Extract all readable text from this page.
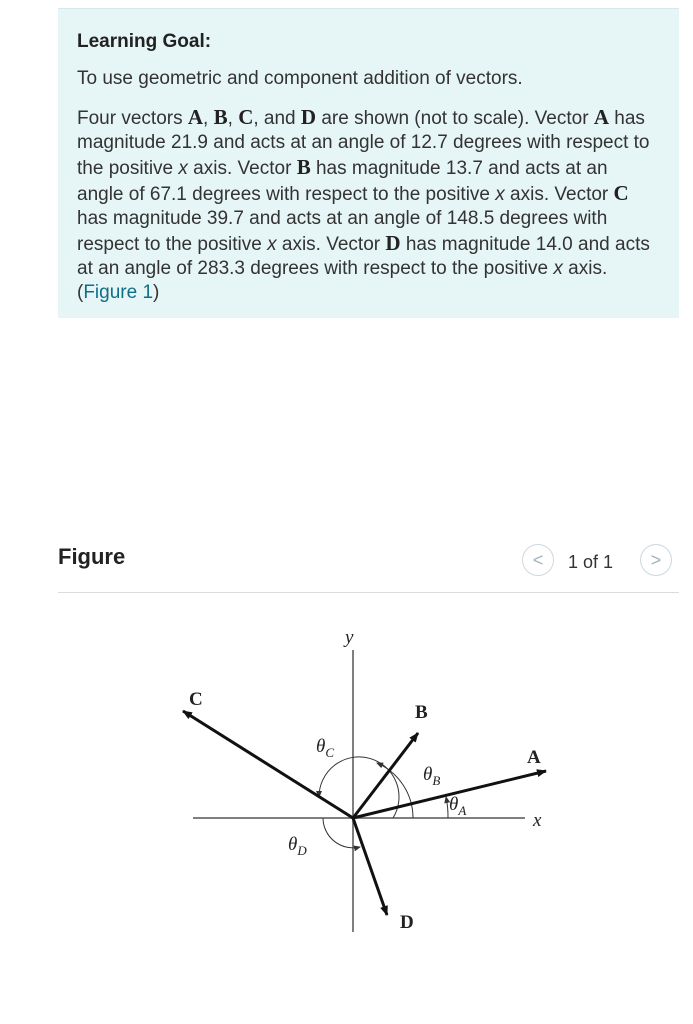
Learning Goal:
To use geometric and component addition of vectors.
Four vectors A, B, C, and D are shown (not to scale). Vector A has magnitude 21.9 and acts at an angle of 12.7 degrees with respect to the positive x axis. Vector B has magnitude 13.7 and acts at an angle of 67.1 degrees with respect to the positive x axis. Vector C has magnitude 39.7 and acts at an angle of 148.5 degrees with respect to the positive x axis. Vector D has magnitude 14.0 and acts at an angle of 283.3 degrees with respect to the positive x axis.(Figure 1)
Figure	< 1 of 1 >
y
x
A
B
C
D
$\theta_A$
$\theta_B$
$\theta_C$
$\theta_D$
